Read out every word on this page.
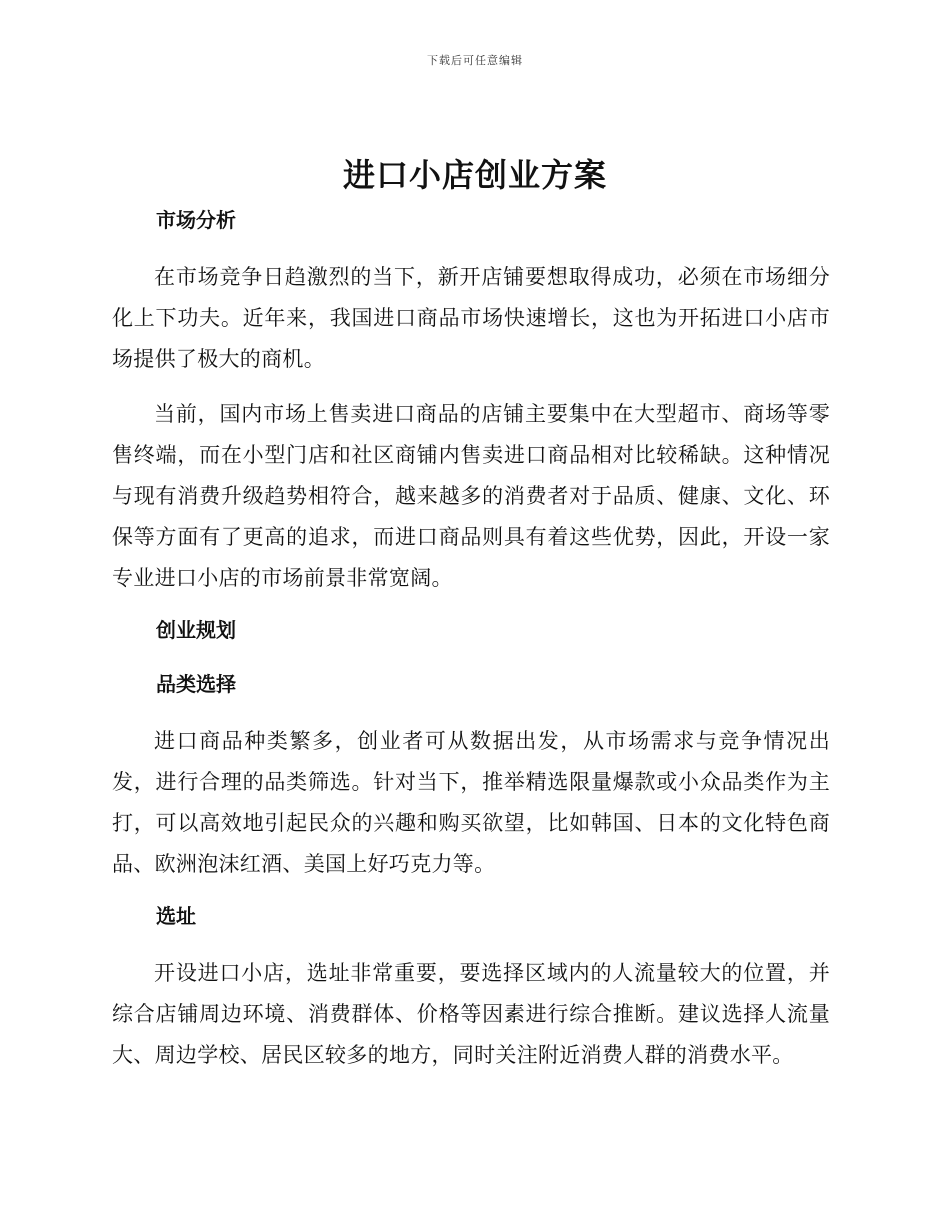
下载后可任意编辑
进口小店创业方案
市场分析

在市场竞争日趋激烈的当下，新开店铺要想取得成功，必须在市场细分化上下功夫。近年来，我国进口商品市场快速增长，这也为开拓进口小店市场提供了极大的商机。

当前，国内市场上售卖进口商品的店铺主要集中在大型超市、商场等零售终端，而在小型门店和社区商铺内售卖进口商品相对比较稀缺。这种情况与现有消费升级趋势相符合，越来越多的消费者对于品质、健康、文化、环保等方面有了更高的追求，而进口商品则具有着这些优势，因此，开设一家专业进口小店的市场前景非常宽阔。

创业规划
品类选择

进口商品种类繁多，创业者可从数据出发，从市场需求与竞争情况出发，进行合理的品类筛选。针对当下，推举精选限量爆款或小众品类作为主打，可以高效地引起民众的兴趣和购买欲望，比如韩国、日本的文化特色商品、欧洲泡沫红酒、美国上好巧克力等。

选址

开设进口小店，选址非常重要，要选择区域内的人流量较大的位置，并综合店铺周边环境、消费群体、价格等因素进行综合推断。建议选择人流量大、周边学校、居民区较多的地方，同时关注附近消费人群的消费水平。
